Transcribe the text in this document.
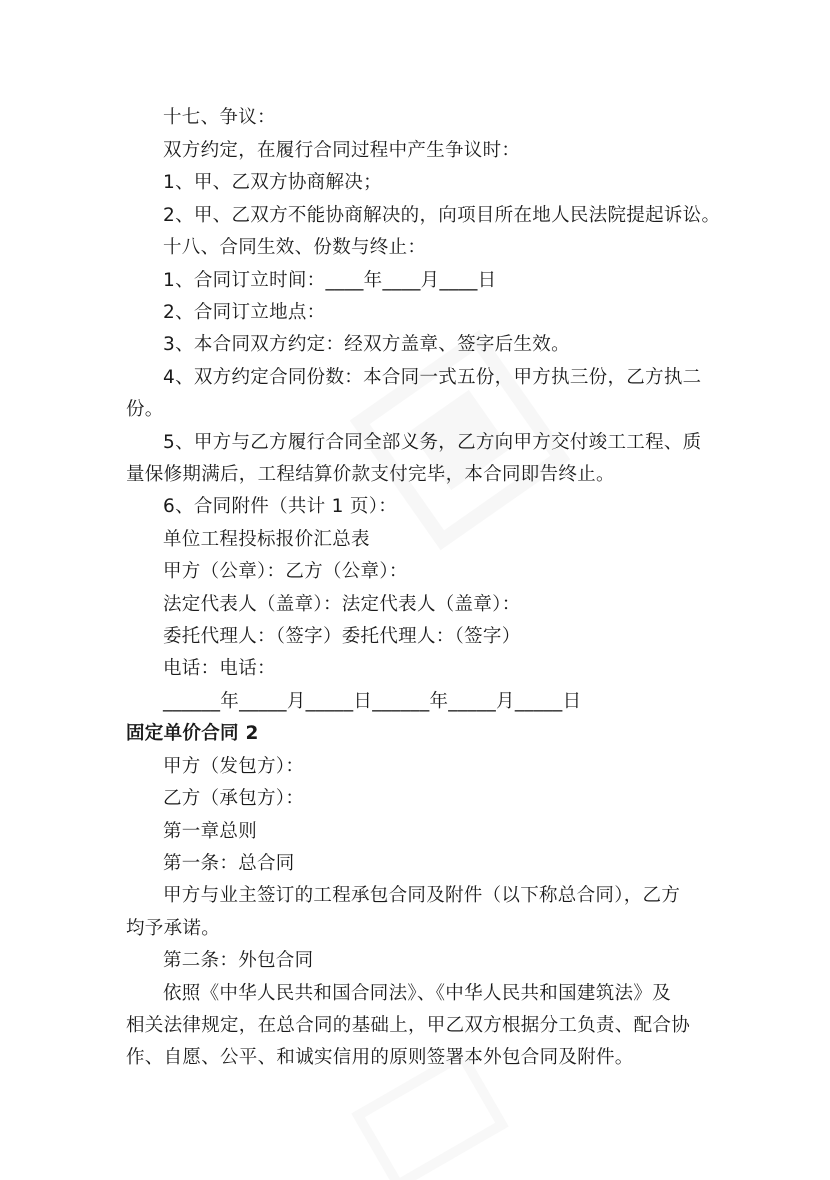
十七、争议：
双方约定，在履行合同过程中产生争议时：
1、甲、乙双方协商解决；
2、甲、乙双方不能协商解决的，向项目所在地人民法院提起诉讼。
十八、合同生效、份数与终止：
1、合同订立时间：____年____月____日
2、合同订立地点：
3、本合同双方约定：经双方盖章、签字后生效。
4、双方约定合同份数：本合同一式五份，甲方执三份，乙方执二
份。
5、甲方与乙方履行合同全部义务，乙方向甲方交付竣工工程、质
量保修期满后，工程结算价款支付完毕，本合同即告终止。
6、合同附件（共计 1 页）：
单位工程投标报价汇总表
甲方（公章）：乙方（公章）：
法定代表人（盖章）：法定代表人（盖章）：
委托代理人：（签字）委托代理人：（签字）
电话：电话：
______年_____月_____日______年_____月_____日
固定单价合同 2
甲方（发包方）：
乙方（承包方）：
第一章总则
第一条：总合同
甲方与业主签订的工程承包合同及附件（以下称总合同），乙方
均予承诺。
第二条：外包合同
依照《中华人民共和国合同法》、《中华人民共和国建筑法》及
相关法律规定，在总合同的基础上，甲乙双方根据分工负责、配合协
作、自愿、公平、和诚实信用的原则签署本外包合同及附件。
